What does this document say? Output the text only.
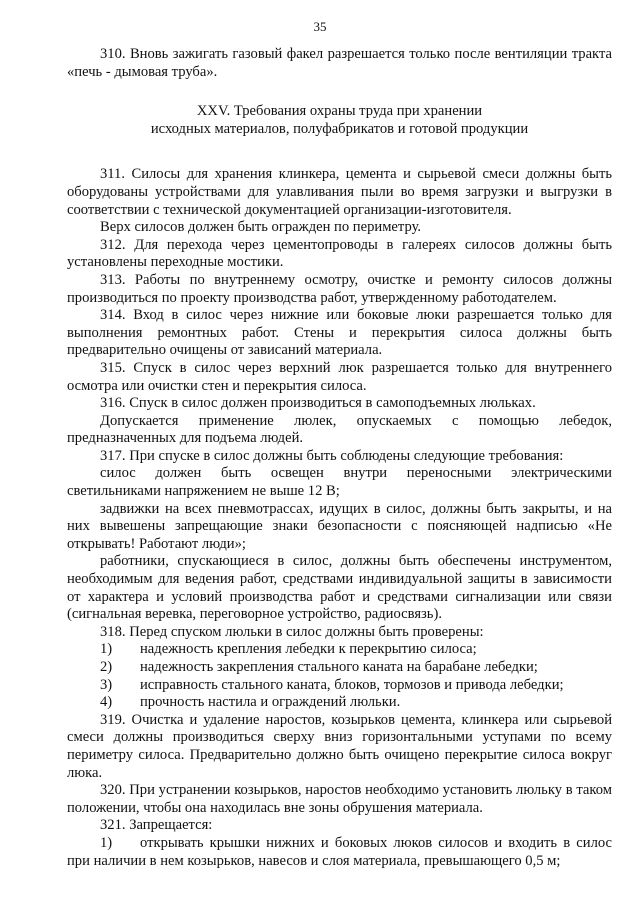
35

310. Вновь зажигать газовый факел разрешается только после вентиляции тракта «печь - дымовая труба».

XXV. Требования охраны труда при хранении
исходных материалов, полуфабрикатов и готовой продукции

311. Силосы для хранения клинкера, цемента и сырьевой смеси должны быть оборудованы устройствами для улавливания пыли во время загрузки и выгрузки в соответствии с технической документацией организации-изготовителя.

Верх силосов должен быть огражден по периметру.

312. Для перехода через цементопроводы в галереях силосов должны быть установлены переходные мостики.

313. Работы по внутреннему осмотру, очистке и ремонту силосов должны производиться по проекту производства работ, утвержденному работодателем.

314. Вход в силос через нижние или боковые люки разрешается только для выполнения ремонтных работ. Стены и перекрытия силоса должны быть предварительно очищены от зависаний материала.

315. Спуск в силос через верхний люк разрешается только для внутреннего осмотра или очистки стен и перекрытия силоса.

316. Спуск в силос должен производиться в самоподъемных люльках.

Допускается применение люлек, опускаемых с помощью лебедок, предназначенных для подъема людей.

317. При спуске в силос должны быть соблюдены следующие требования:

силос должен быть освещен внутри переносными электрическими светильниками напряжением не выше 12 В;

задвижки на всех пневмотрассах, идущих в силос, должны быть закрыты, и на них вывешены запрещающие знаки безопасности с поясняющей надписью «Не открывать! Работают люди»;

работники, спускающиеся в силос, должны быть обеспечены инструментом, необходимым для ведения работ, средствами индивидуальной защиты в зависимости от характера и условий производства работ и средствами сигнализации или связи (сигнальная веревка, переговорное устройство, радиосвязь).

318. Перед спуском люльки в силос должны быть проверены:

1)	надежность крепления лебедки к перекрытию силоса;
2)	надежность закрепления стального каната на барабане лебедки;
3)	исправность стального каната, блоков, тормозов и привода лебедки;
4)	прочность настила и ограждений люльки.

319. Очистка и удаление наростов, козырьков цемента, клинкера или сырьевой смеси должны производиться сверху вниз горизонтальными уступами по всему периметру силоса. Предварительно должно быть очищено перекрытие силоса вокруг люка.

320. При устранении козырьков, наростов необходимо установить люльку в таком положении, чтобы она находилась вне зоны обрушения материала.

321. Запрещается:

1) открывать крышки нижних и боковых люков силосов и входить в силос при наличии в нем козырьков, навесов и слоя материала, превышающего 0,5 м;
